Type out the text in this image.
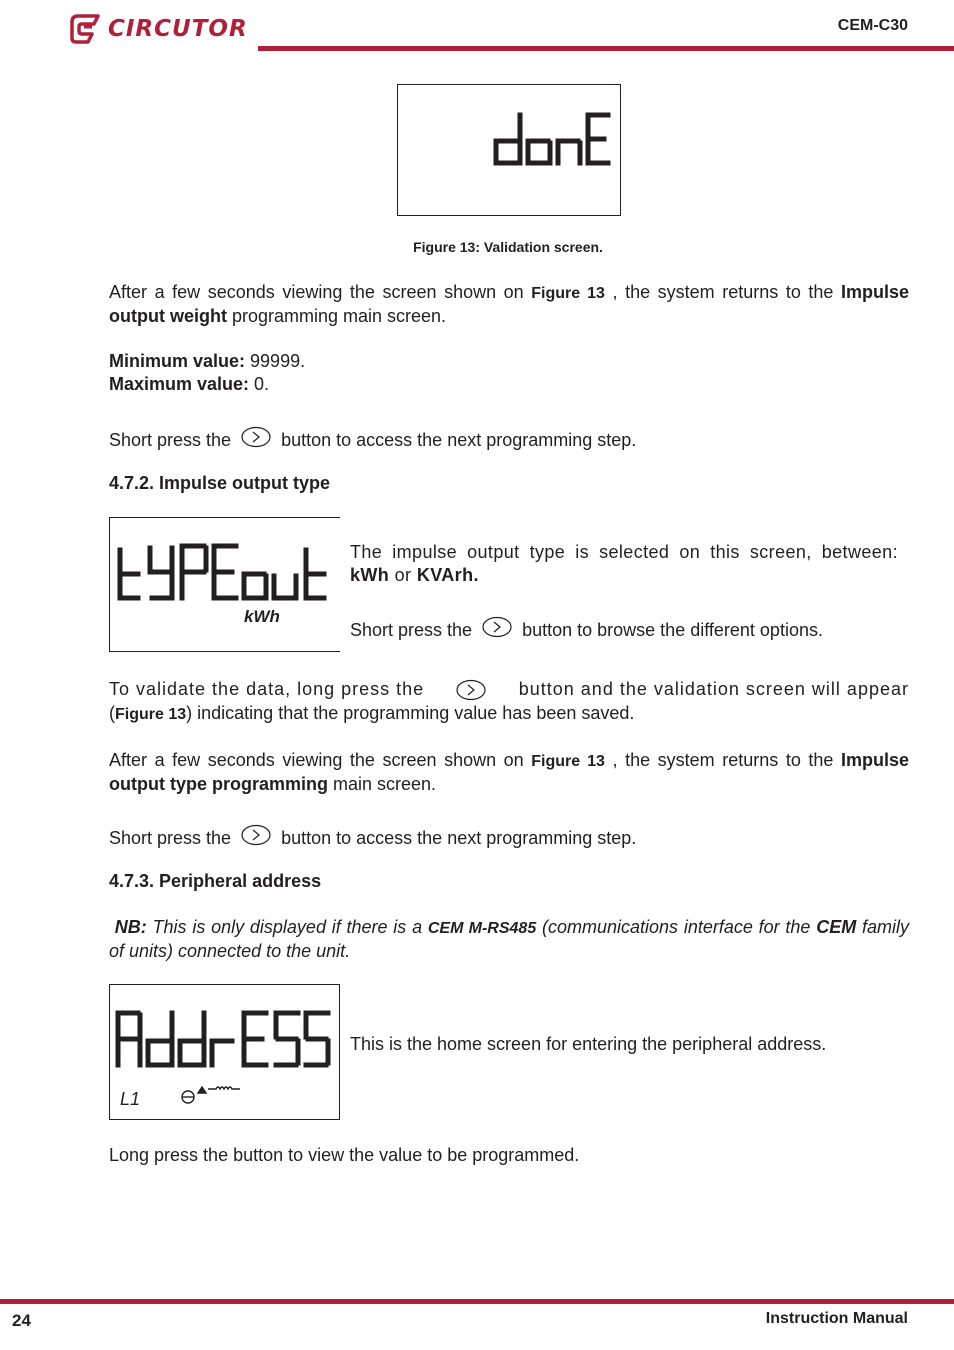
CIRCUTOR	CEM-C30
Figure 13: Validation screen.
After a few seconds viewing the screen shown on Figure 13 , the system returns to the Impulse output weight programming main screen.
Minimum value: 99999.
Maximum value: 0.
Short press the	button to access the next programming step.
4.7.2. Impulse output type
kWh
The impulse output type is selected on this screen, between: kWh or KVArh.
Short press the	button to browse the different options.
To validate the data, long press the	button and the validation screen will appear
(Figure 13) indicating that the programming value has been saved.
After a few seconds viewing the screen shown on Figure 13 , the system returns to the Impulse output type programming main screen.
Short press the	button to access the next programming step.
4.7.3. Peripheral address
NB: This is only displayed if there is a CEM M-RS485 (communications interface for the CEM family of units) connected to the unit.
L1
This is the home screen for entering the peripheral address.
Long press the button to view the value to be programmed.
24	Instruction Manual
